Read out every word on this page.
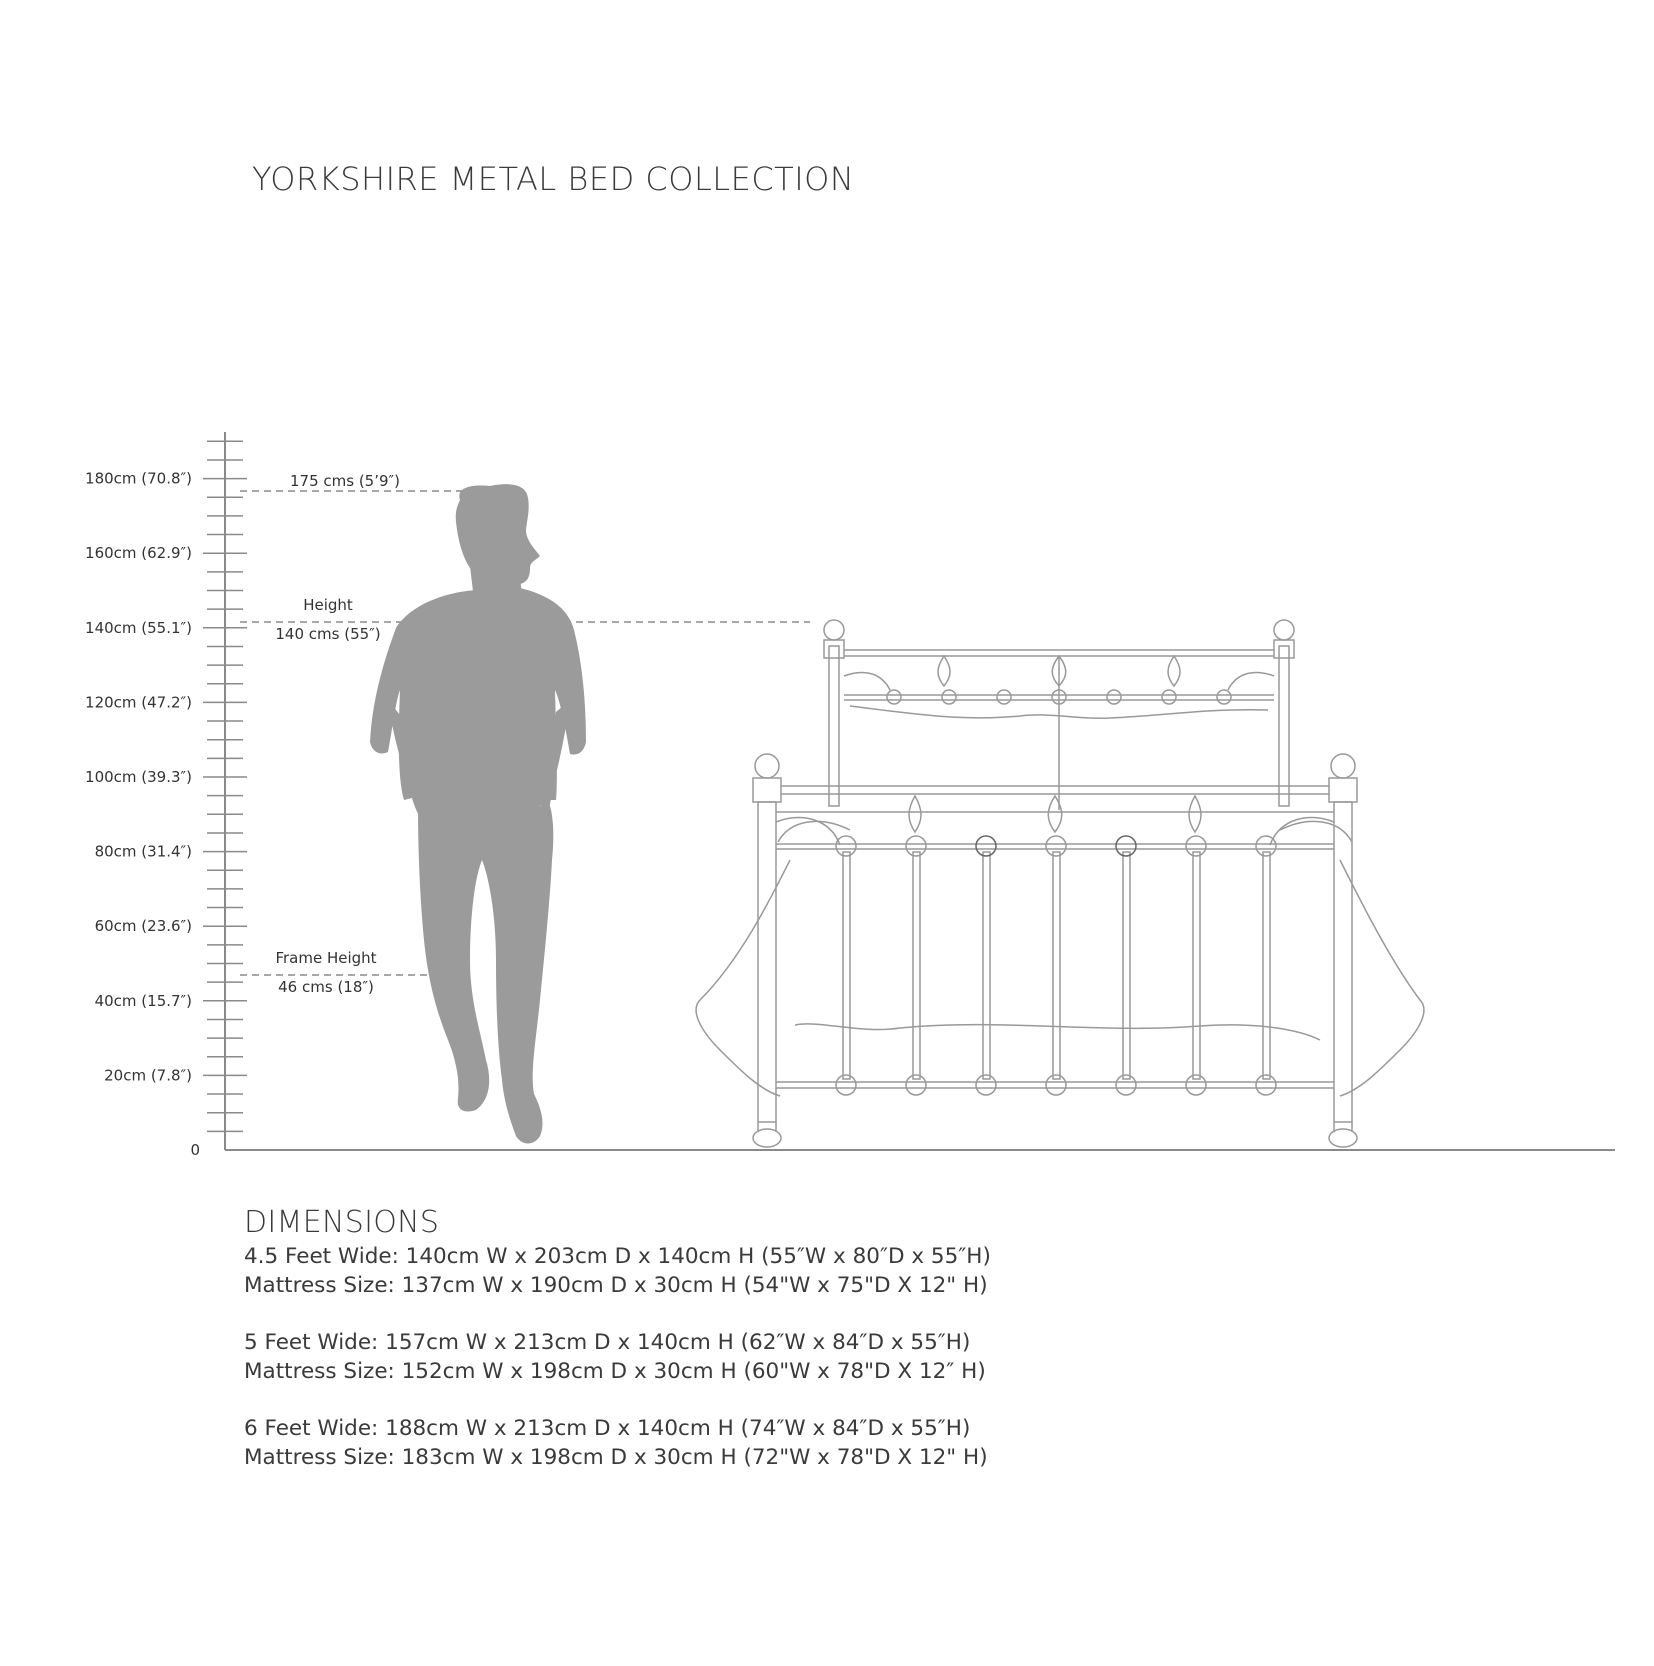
YORKSHIRE METAL BED COLLECTION
180cm (70.8″)
160cm (62.9″)
140cm (55.1″)
120cm (47.2″)
100cm (39.3″)
80cm (31.4″)
60cm (23.6″)
40cm (15.7″)
20cm (7.8″)
0
175 cms (5’9″)
Height
140 cms (55″)
Frame Height
46 cms (18″)
DIMENSIONS
4.5 Feet Wide: 140cm W x 203cm D x 140cm H (55″W x 80″D x 55″H)
Mattress Size: 137cm W x 190cm D x 30cm H (54"W x 75"D X 12" H)
5 Feet Wide: 157cm W x 213cm D x 140cm H (62″W x 84″D x 55″H)
Mattress Size: 152cm W x 198cm D x 30cm H (60"W x 78"D X 12″ H)
6 Feet Wide: 188cm W x 213cm D x 140cm H (74″W x 84″D x 55″H)
Mattress Size: 183cm W x 198cm D x 30cm H (72"W x 78"D X 12" H)
